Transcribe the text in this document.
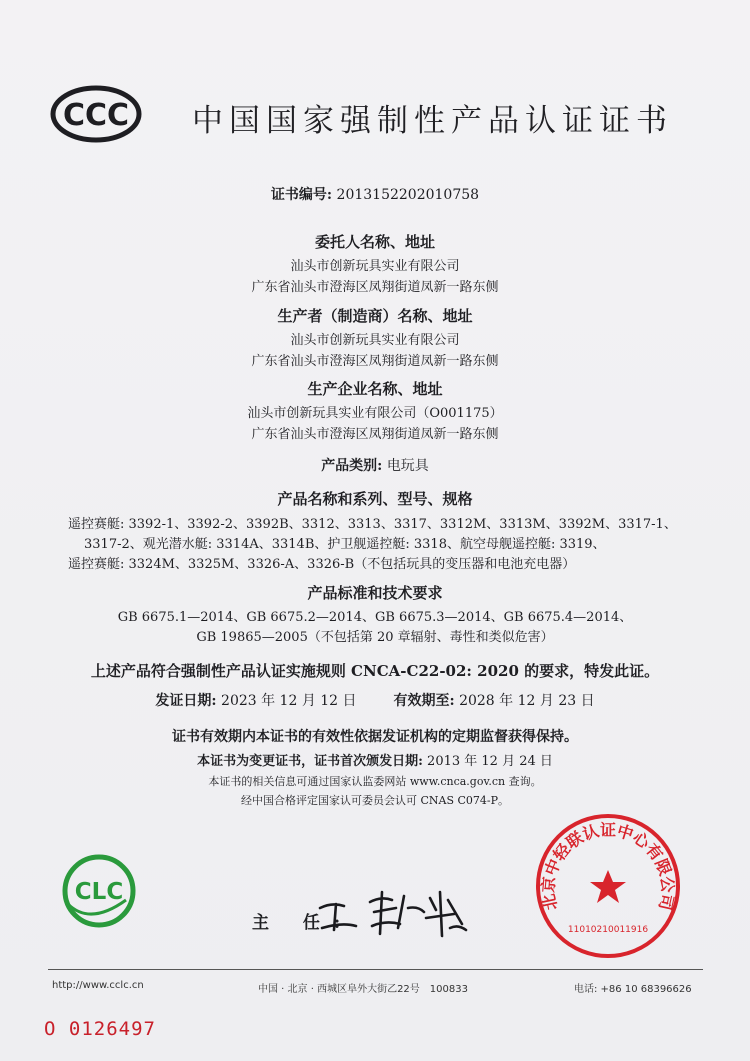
CCC 中国国家强制性产品认证证书
证书编号: 2013152202010758
委托人名称、地址
汕头市创新玩具实业有限公司
广东省汕头市澄海区凤翔街道凤新一路东侧
生产者（制造商）名称、地址
汕头市创新玩具实业有限公司
广东省汕头市澄海区凤翔街道凤新一路东侧
生产企业名称、地址
汕头市创新玩具实业有限公司（O001175）
广东省汕头市澄海区凤翔街道凤新一路东侧
产品类别: 电玩具
产品名称和系列、型号、规格
遥控赛艇: 3392-1、3392-2、3392B、3312、3313、3317、3312M、3313M、3392M、3317-1、
3317-2、观光潜水艇: 3314A、3314B、护卫舰遥控艇: 3318、航空母舰遥控艇: 3319、
遥控赛艇: 3324M、3325M、3326-A、3326-B（不包括玩具的变压器和电池充电器）
产品标准和技术要求
GB 6675.1—2014、GB 6675.2—2014、GB 6675.3—2014、GB 6675.4—2014、
GB 19865—2005（不包括第 20 章辐射、毒性和类似危害）
上述产品符合强制性产品认证实施规则 CNCA-C22-02: 2020 的要求，特发此证。
发证日期: 2023 年 12 月 12 日	有效期至: 2028 年 12 月 23 日
证书有效期内本证书的有效性依据发证机构的定期监督获得保持。
本证书为变更证书，证书首次颁发日期: 2013 年 12 月 24 日
本证书的相关信息可通过国家认监委网站 www.cnca.gov.cn 查询。
经中国合格评定国家认可委员会认可 CNAS C074-P。
CLC	北京中轻联认证中心有限公司
1101021001191​6
主 任:
http://www.cclc.cn	中国 · 北京 · 西城区阜外大街乙22号　100833	电话: +86 10 68396626
O 0126497
